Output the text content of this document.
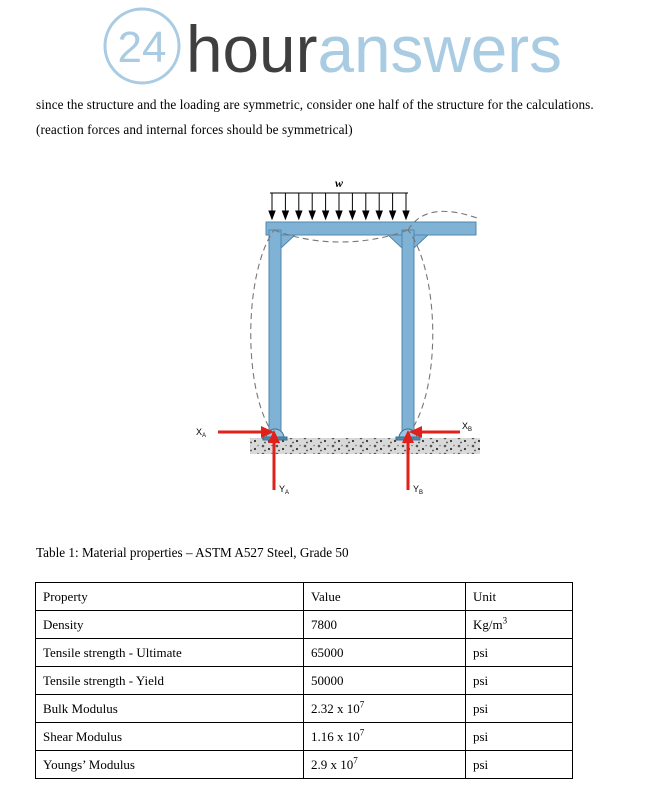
24 houranswers
since the structure and the loading are symmetric, consider one half of the structure for the calculations. (reaction forces and internal forces should be symmetrical)
w
$X_A$
$X_B$
$Y_A$	$Y_B$
Table 1: Material properties – ASTM A527 Steel, Grade 50
Property	Value	Unit
Density	7800	$Kg/m^3$
Tensile strength - Ultimate	65000	psi
Tensile strength - Yield	50000	psi
Bulk Modulus	2.32 x $10^7$	psi
Shear Modulus	1.16 x $10^7$	psi
Youngs’ Modulus	2.9 x $10^7$	psi
